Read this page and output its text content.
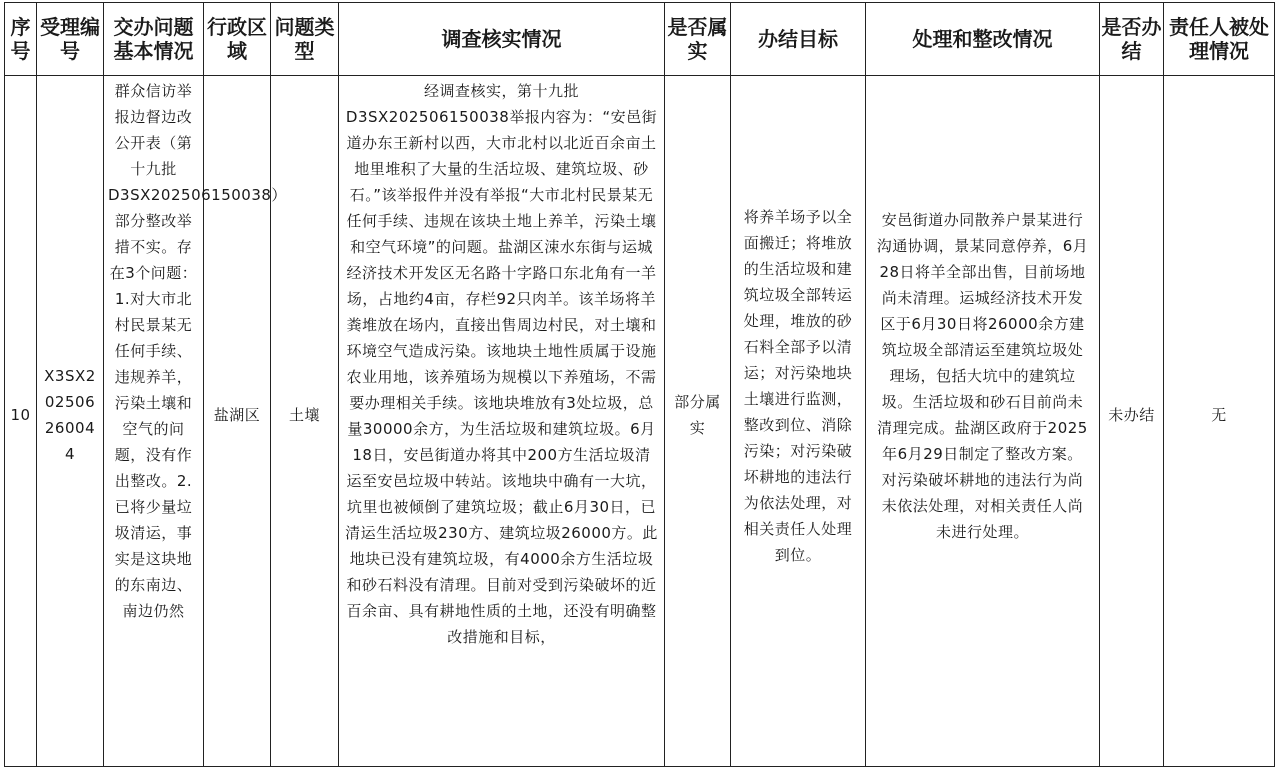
序号	受理编号	交办问题基本情况	行政区域	问题类型	调查核实情况	是否属实	办结目标	处理和整改情况	是否办结	责任人被处理情况

10	X3SX20250626004 4	群众信访举报边督边改公开表（第十九批D3SX202506150038）部分整改举措不实。存在3个问题：1.对大市北村民景某无任何手续、违规养羊，污染土壤和空气的问题，没有作出整改。2.已将少量垃圾清运，事实是这块地的东南边、南边仍然	盐湖区	土壤	经调查核实，第十九批D3SX202506150038举报内容为：“安邑街道办东王新村以西，大市北村以北近百余亩土地里堆积了大量的生活垃圾、建筑垃圾、砂石。”该举报件并没有举报“大市北村民景某无任何手续、违规在该块土地上养羊，污染土壤和空气环境”的问题。盐湖区涑水东街与运城经济技术开发区无名路十字路口东北角有一羊场，占地约4亩，存栏92只肉羊。该羊场将羊粪堆放在场内，直接出售周边村民，对土壤和环境空气造成污染。该地块土地性质属于设施农业用地，该养殖场为规模以下养殖场，不需要办理相关手续。该地块堆放有3处垃圾，总量30000余方，为生活垃圾和建筑垃圾。6月18日，安邑街道办将其中200方生活垃圾清运至安邑垃圾中转站。该地块中确有一大坑，坑里也被倾倒了建筑垃圾；截止6月30日，已清运生活垃圾230方、建筑垃圾26000方。此地块已没有建筑垃圾，有4000余方生活垃圾和砂石料没有清理。目前对受到污染破坏的近百余亩、具有耕地性质的土地，还没有明确整改措施和目标，	部分属实	将养羊场予以全面搬迁；将堆放的生活垃圾和建筑垃圾全部转运处理，堆放的砂石料全部予以清运；对污染地块土壤进行监测，整改到位、消除污染；对污染破坏耕地的违法行为依法处理，对相关责任人处理到位。	安邑街道办同散养户景某进行沟通协调，景某同意停养，6月28日将羊全部出售，目前场地尚未清理。运城经济技术开发区于6月30日将26000余方建筑垃圾全部清运至建筑垃圾处理场，包括大坑中的建筑垃圾。生活垃圾和砂石目前尚未清理完成。盐湖区政府于2025年6月29日制定了整改方案。对污染破坏耕地的违法行为尚未依法处理，对相关责任人尚未进行处理。	未办结	无
